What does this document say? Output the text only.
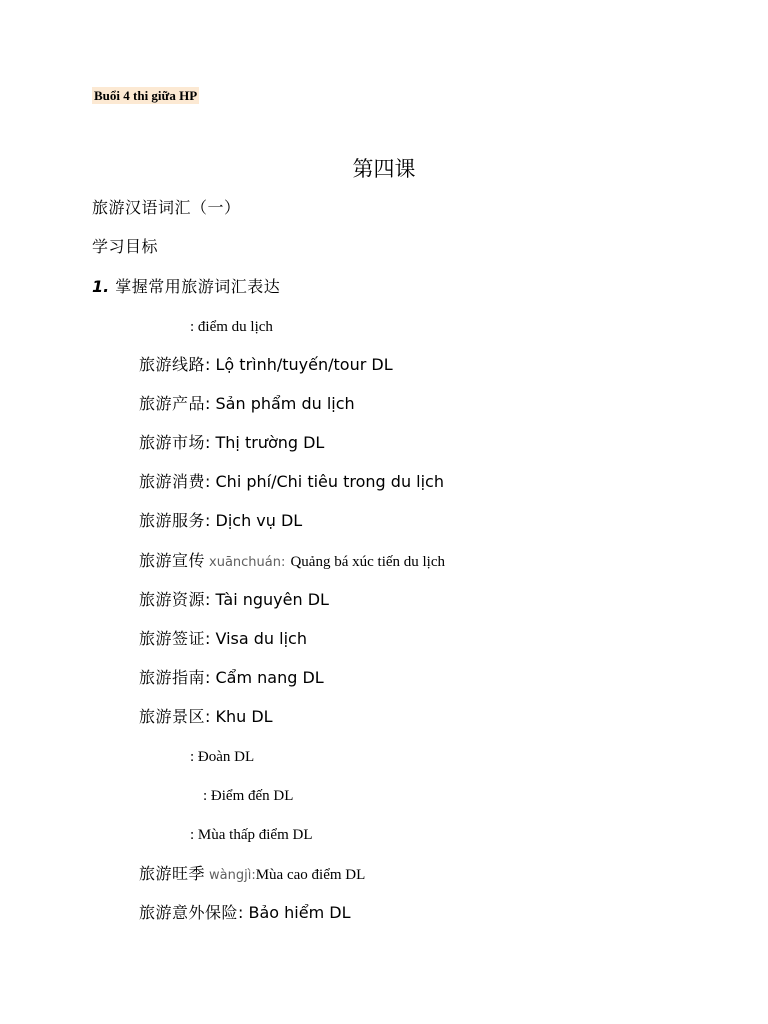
Buổi 4 thi giữa HP
第四课
旅游汉语词汇（一）
学习目标
1. 掌握常用旅游词汇表达
: điểm du lịch
旅游线路: Lộ trình/tuyến/tour DL
旅游产品: Sản phẩm du lịch
旅游市场: Thị trường DL
旅游消费: Chi phí/Chi tiêu trong du lịch
旅游服务: Dịch vụ DL
旅游宣传 xuānchuán: Quảng bá xúc tiến du lịch
旅游资源: Tài nguyên DL
旅游签证: Visa du lịch
旅游指南: Cẩm nang DL
旅游景区: Khu DL
: Đoàn DL
: Điểm đến DL
: Mùa thấp điểm DL
旅游旺季 wàngjì:Mùa cao điểm DL
旅游意外保险: Bảo hiểm DL
